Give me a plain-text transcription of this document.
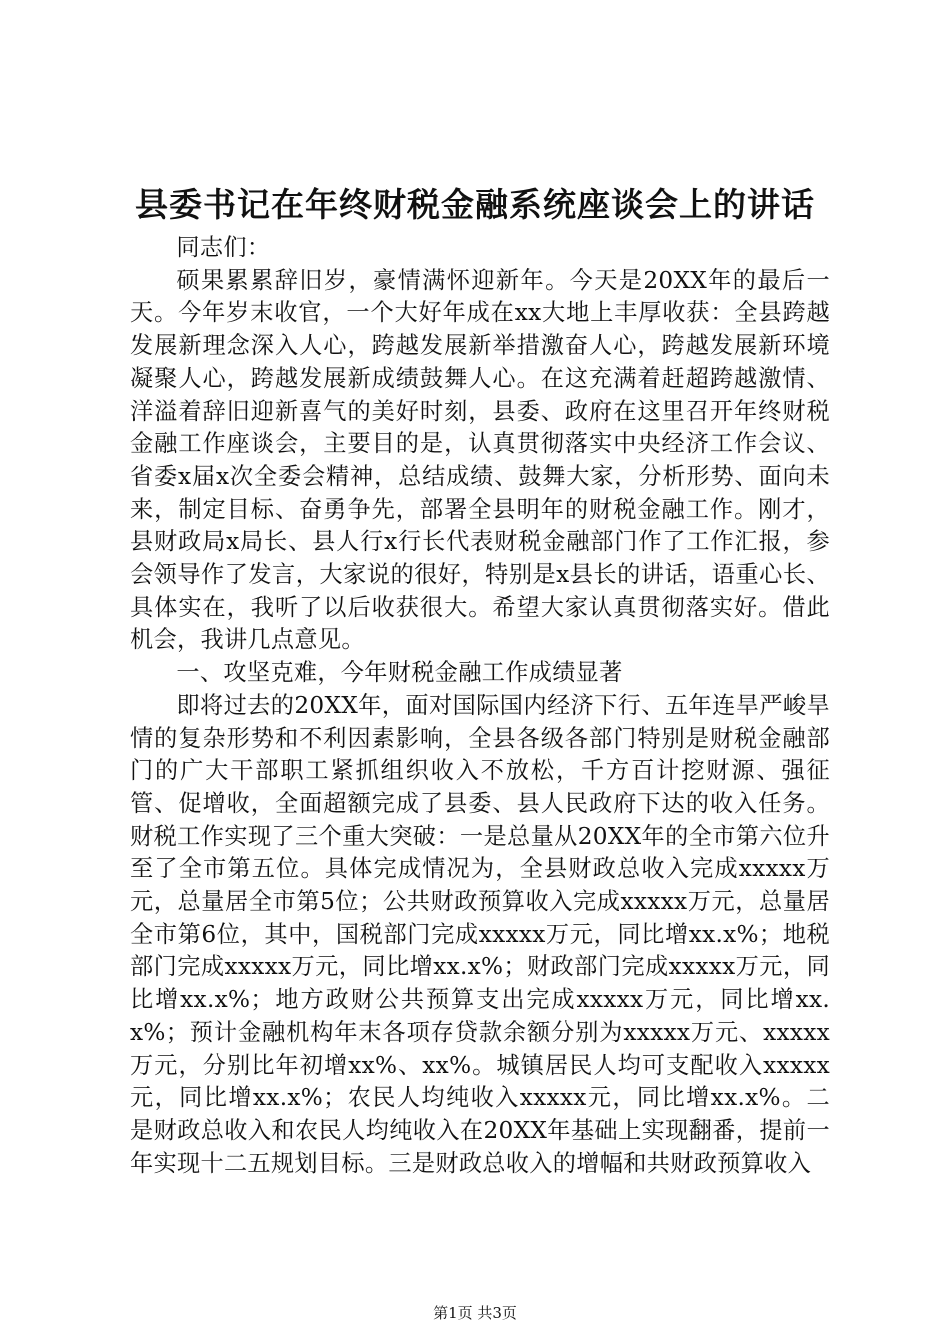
县委书记在年终财税金融系统座谈会上的讲话

同志们：

硕果累累辞旧岁，豪情满怀迎新年。今天是20XX年的最后一天。今年岁末收官，一个大好年成在xx大地上丰厚收获：全县跨越发展新理念深入人心，跨越发展新举措激奋人心，跨越发展新环境凝聚人心，跨越发展新成绩鼓舞人心。在这充满着赶超跨越激情、洋溢着辞旧迎新喜气的美好时刻，县委、政府在这里召开年终财税金融工作座谈会，主要目的是，认真贯彻落实中央经济工作会议、省委x届x次全委会精神，总结成绩、鼓舞大家，分析形势、面向未来，制定目标、奋勇争先，部署全县明年的财税金融工作。刚才，县财政局x局长、县人行x行长代表财税金融部门作了工作汇报，参会领导作了发言，大家说的很好，特别是x县长的讲话，语重心长、具体实在，我听了以后收获很大。希望大家认真贯彻落实好。借此机会，我讲几点意见。

一、攻坚克难，今年财税金融工作成绩显著

即将过去的20XX年，面对国际国内经济下行、五年连旱严峻旱情的复杂形势和不利因素影响，全县各级各部门特别是财税金融部门的广大干部职工紧抓组织收入不放松，千方百计挖财源、强征管、促增收，全面超额完成了县委、县人民政府下达的收入任务。财税工作实现了三个重大突破：一是总量从20XX年的全市第六位升至了全市第五位。具体完成情况为，全县财政总收入完成xxxxx万元，总量居全市第5位；公共财政预算收入完成xxxxx万元，总量居全市第6位，其中，国税部门完成xxxxx万元，同比增xx.x%；地税部门完成xxxxx万元，同比增xx.x%；财政部门完成xxxxx万元，同比增xx.x%；地方政财公共预算支出完成xxxxx万元，同比增xx.x%；预计金融机构年末各项存贷款余额分别为xxxxx万元、xxxxx万元，分别比年初增xx%、xx%。城镇居民人均可支配收入xxxxx元，同比增xx.x%；农民人均纯收入xxxxx元，同比增xx.x%。二是财政总收入和农民人均纯收入在20XX年基础上实现翻番，提前一年实现十二五规划目标。三是财政总收入的增幅和共财政预算收入

第1页 共3页
